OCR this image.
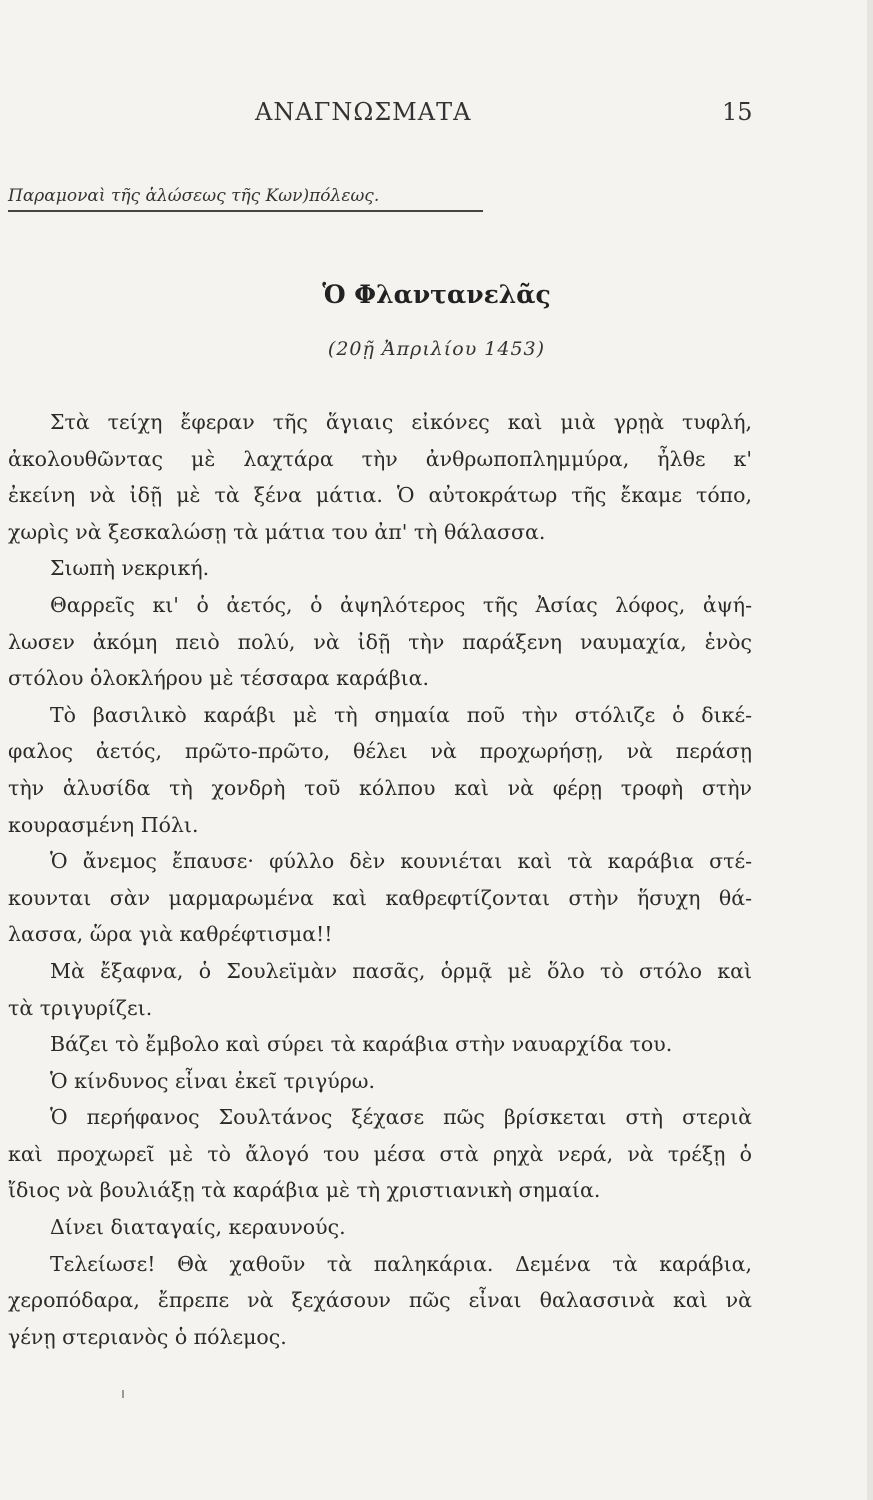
ΑΝΑΓΝΩΣΜΑΤΑ	15
Παραμοναὶ τῆς ἁλώσεως τῆς Κων)πόλεως.
Ὁ Φλαντανελᾶς
(20ῇ Ἀπριλίου 1453)
Στὰ τείχη ἔφεραν τῆς ἅγιαις εἰκόνες καὶ μιὰ γρῃὰ τυφλή,
ἀκολουθῶντας μὲ λαχτάρα τὴν ἀνθρωποπλημμύρα, ἦλθε κ'
ἐκείνη νὰ ἰδῇ μὲ τὰ ξένα μάτια. Ὁ αὐτοκράτωρ τῆς ἔκαμε τόπο,
χωρὶς νὰ ξεσκαλώσῃ τὰ μάτια του ἀπ' τὴ θάλασσα.
Σιωπὴ νεκρική.
Θαρρεῖς κι' ὁ ἀετός, ὁ ἀψηλότερος τῆς Ἀσίας λόφος, ἀψή-
λωσεν ἀκόμη πειὸ πολύ, νὰ ἰδῇ τὴν παράξενη ναυμαχία, ἑνὸς
στόλου ὁλοκλήρου μὲ τέσσαρα καράβια.
Τὸ βασιλικὸ καράβι μὲ τὴ σημαία ποῦ τὴν στόλιζε ὁ δικέ-
φαλος ἀετός, πρῶτο-πρῶτο, θέλει νὰ προχωρήσῃ, νὰ περάσῃ
τὴν ἁλυσίδα τὴ χονδρὴ τοῦ κόλπου καὶ νὰ φέρῃ τροφὴ στὴν
κουρασμένη Πόλι.
Ὁ ἄνεμος ἔπαυσε· φύλλο δὲν κουνιέται καὶ τὰ καράβια στέ-
κουνται σὰν μαρμαρωμένα καὶ καθρεφτίζονται στὴν ἥσυχη θά-
λασσα, ὥρα γιὰ καθρέφτισμα!!
Μὰ ἔξαφνα, ὁ Σουλεϊμὰν πασᾶς, ὁρμᾷ μὲ ὅλο τὸ στόλο καὶ
τὰ τριγυρίζει.
Βάζει τὸ ἔμβολο καὶ σύρει τὰ καράβια στὴν ναυαρχίδα του.
Ὁ κίνδυνος εἶναι ἐκεῖ τριγύρω.
Ὁ περήφανος Σουλτάνος ξέχασε πῶς βρίσκεται στὴ στεριὰ
καὶ προχωρεῖ μὲ τὸ ἄλογό του μέσα στὰ ρηχὰ νερά, νὰ τρέξῃ ὁ
ἴδιος νὰ βουλιάξῃ τὰ καράβια μὲ τὴ χριστιανικὴ σημαία.
Δίνει διαταγαίς, κεραυνούς.
Τελείωσε! Θὰ χαθοῦν τὰ παληκάρια. Δεμένα τὰ καράβια,
χεροπόδαρα, ἔπρεπε νὰ ξεχάσουν πῶς εἶναι θαλασσινὰ καὶ νὰ
γένῃ στεριανὸς ὁ πόλεμος.
